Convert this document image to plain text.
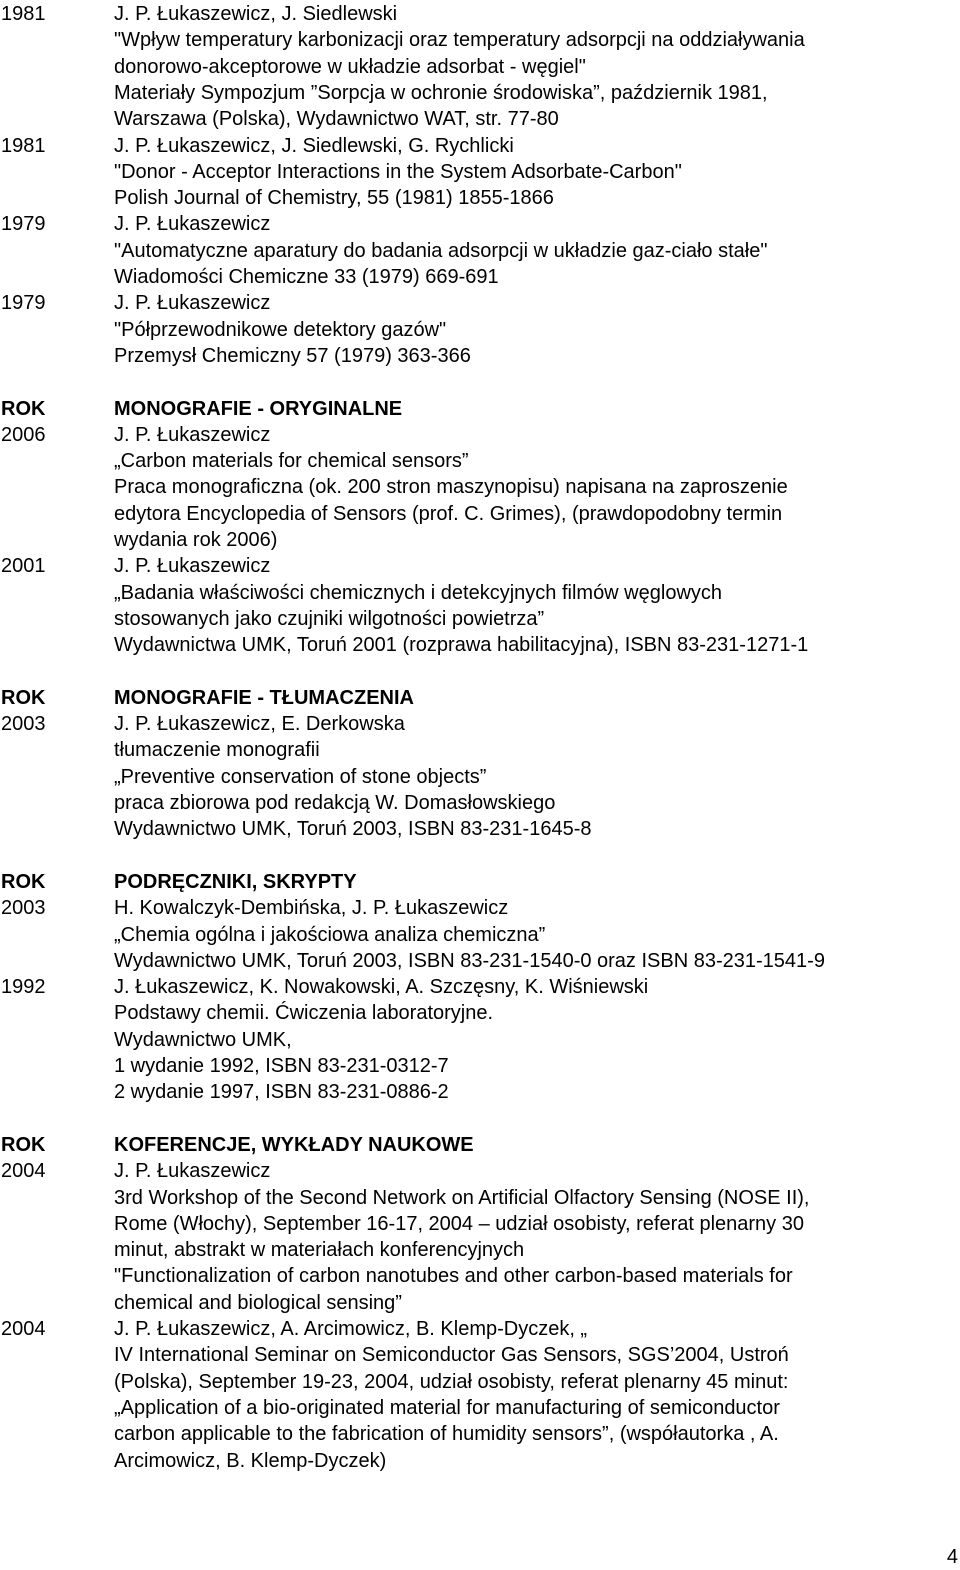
1981	J. P. Łukaszewicz, J. Siedlewski
"Wpływ temperatury karbonizacji oraz temperatury adsorpcji na oddziaływania
donorowo-akceptorowe w układzie adsorbat - węgiel"
Materiały Sympozjum ”Sorpcja w ochronie środowiska”, październik 1981,
Warszawa (Polska), Wydawnictwo WAT, str. 77-80
1981	J. P. Łukaszewicz, J. Siedlewski, G. Rychlicki
"Donor - Acceptor Interactions in the System Adsorbate-Carbon"
Polish Journal of Chemistry, 55 (1981) 1855-1866
1979	J. P. Łukaszewicz
"Automatyczne aparatury do badania adsorpcji w układzie gaz-ciało stałe"
Wiadomości Chemiczne 33 (1979) 669-691
1979	J. P. Łukaszewicz
"Półprzewodnikowe detektory gazów"
Przemysł Chemiczny 57 (1979) 363-366
ROK	MONOGRAFIE - ORYGINALNE
2006	J. P. Łukaszewicz
„Carbon materials for chemical sensors”
Praca monograficzna (ok. 200 stron maszynopisu) napisana na zaproszenie
edytora Encyclopedia of Sensors (prof. C. Grimes), (prawdopodobny termin
wydania rok 2006)
2001	J. P. Łukaszewicz
„Badania właściwości chemicznych i detekcyjnych filmów węglowych
stosowanych jako czujniki wilgotności powietrza”
Wydawnictwa UMK, Toruń 2001 (rozprawa habilitacyjna), ISBN 83-231-1271-1
ROK	MONOGRAFIE - TŁUMACZENIA
2003	J. P. Łukaszewicz, E. Derkowska
tłumaczenie monografii
„Preventive conservation of stone objects”
praca zbiorowa pod redakcją W. Domasłowskiego
Wydawnictwo UMK, Toruń 2003, ISBN 83-231-1645-8
ROK	PODRĘCZNIKI, SKRYPTY
2003	H. Kowalczyk-Dembińska, J. P. Łukaszewicz
„Chemia ogólna i jakościowa analiza chemiczna”
Wydawnictwo UMK, Toruń 2003, ISBN 83-231-1540-0 oraz ISBN 83-231-1541-9
1992	J. Łukaszewicz, K. Nowakowski, A. Szczęsny, K. Wiśniewski
Podstawy chemii. Ćwiczenia laboratoryjne.
Wydawnictwo UMK,
1 wydanie 1992, ISBN 83-231-0312-7
2 wydanie 1997, ISBN 83-231-0886-2
ROK	KOFERENCJE, WYKŁADY NAUKOWE
2004	J. P. Łukaszewicz
3rd Workshop of the Second Network on Artificial Olfactory Sensing (NOSE II),
Rome (Włochy), September 16-17, 2004 – udział osobisty, referat plenarny 30
minut, abstrakt w materiałach konferencyjnych
"Functionalization of carbon nanotubes and other carbon-based materials for
chemical and biological sensing”
2004	J. P. Łukaszewicz, A. Arcimowicz, B. Klemp-Dyczek, „
IV International Seminar on Semiconductor Gas Sensors, SGS’2004, Ustroń
(Polska), September 19-23, 2004, udział osobisty, referat plenarny 45 minut:
„Application of a bio-originated material for manufacturing of semiconductor
carbon applicable to the fabrication of humidity sensors”, (współautorka , A.
Arcimowicz, B. Klemp-Dyczek)
4
